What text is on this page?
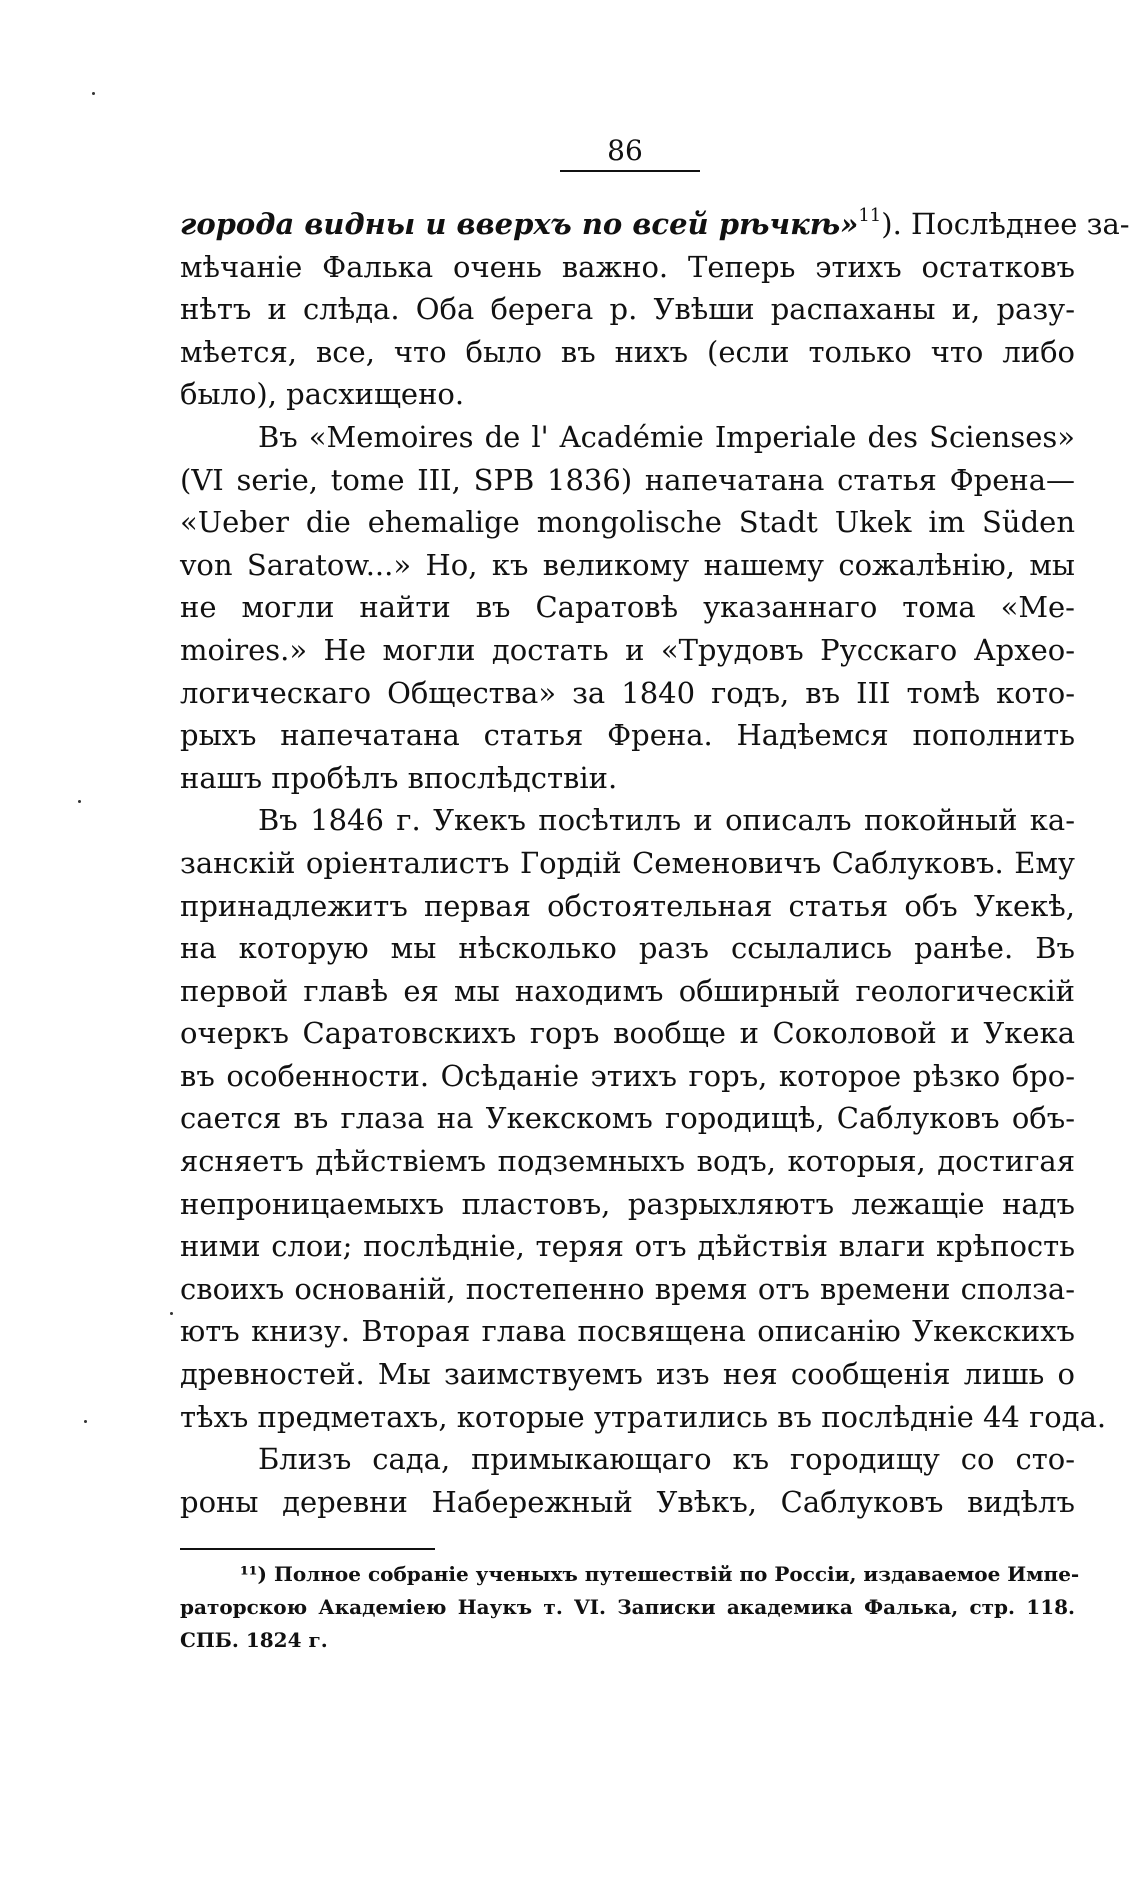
86
города видны и вверхъ по всей рѣчкѣ»$^{11}$). Послѣднее за-
мѣчаніе Фалька очень важно. Теперь этихъ остатковъ
нѣтъ и слѣда. Оба берега р. Увѣши распаханы и, разу-
мѣется, все, что было въ нихъ (если только что либо
было), расхищено.
Въ «Memoires de l' Académie Imperiale des Sciensеs»
(VI serie, tome III, SPB 1836) напечатана статья Френа—
«Ueber die ehemalige mongolische Stadt Ukek im Süden
von Saratow...» Но, къ великому нашему сожалѣнію, мы
не могли найти въ Саратовѣ указаннаго тома «Me-
moires.» Не могли достать и «Трудовъ Русскаго Архео-
логическаго Общества» за 1840 годъ, въ III томѣ кото-
рыхъ напечатана статья Френа. Надѣемся пополнить
нашъ пробѣлъ впослѣдствіи.
Въ 1846 г. Укекъ посѣтилъ и описалъ покойный ка-
занскій оріенталистъ Гордій Семеновичъ Саблуковъ. Ему
принадлежитъ первая обстоятельная статья объ Укекѣ,
на которую мы нѣсколько разъ ссылались ранѣе. Въ
первой главѣ ея мы находимъ обширный геологическій
очеркъ Саратовскихъ горъ вообще и Соколовой и Укека
въ особенности. Осѣданіе этихъ горъ, которое рѣзко бро-
сается въ глаза на Укекскомъ городищѣ, Саблуковъ объ-
ясняетъ дѣйствіемъ подземныхъ водъ, которыя, достигая
непроницаемыхъ пластовъ, разрыхляютъ лежащіе надъ
ними слои; послѣдніе, теряя отъ дѣйствія влаги крѣпость
своихъ основаній, постепенно время отъ времени сполза-
ютъ книзу. Вторая глава посвящена описанію Укекскихъ
древностей. Мы заимствуемъ изъ нея сообщенія лишь о
тѣхъ предметахъ, которые утратились въ послѣдніе 44 года.
Близъ сада, примыкающаго къ городищу со сто-
роны деревни Набережный Увѣкъ, Саблуковъ видѣлъ
¹¹) Полное собраніе ученыхъ путешествій по Россіи, издаваемое Импе-
раторскою Академіею Наукъ т. VI. Записки академика Фалька, стр. 118.
СПБ. 1824 г.
